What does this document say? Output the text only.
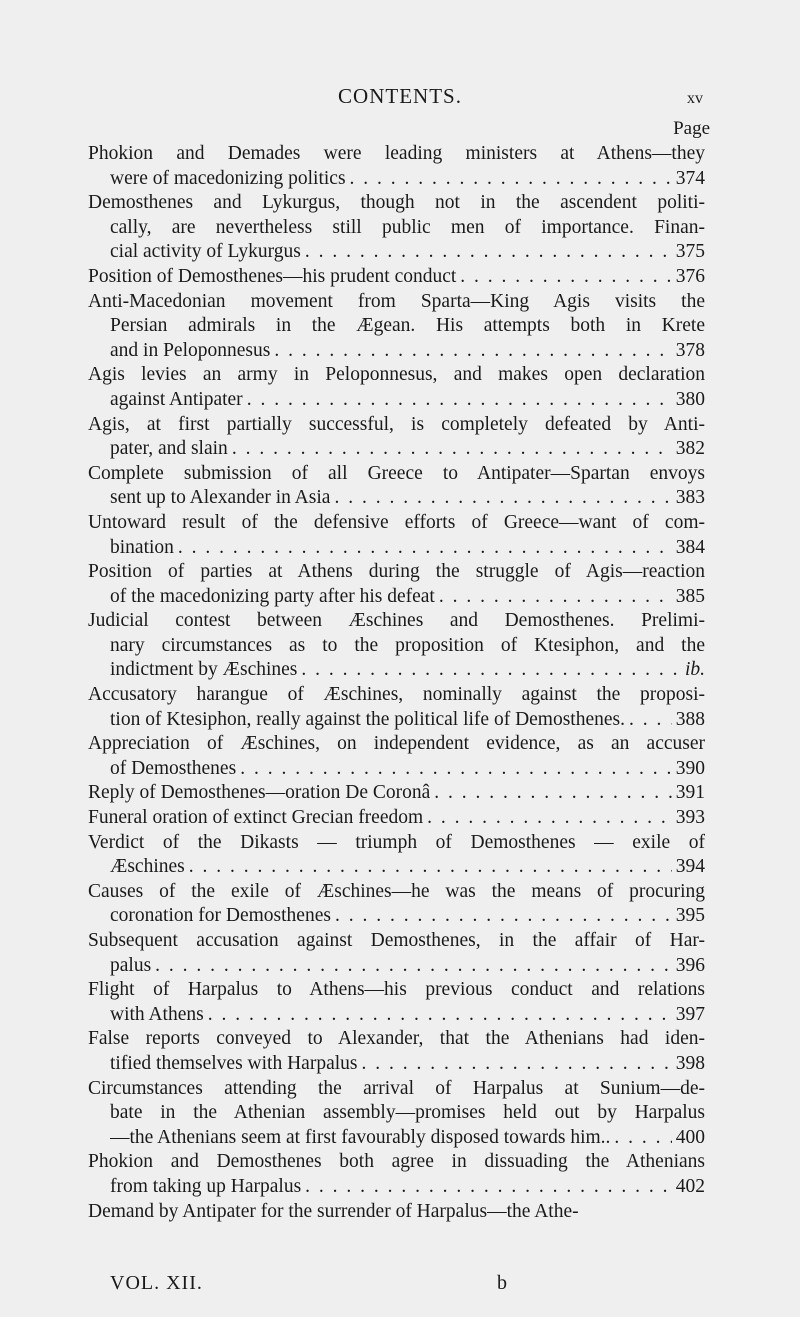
CONTENTS.	xv
Page
Phokion and Demades were leading ministers at Athens—they
were of macedonizing politics . . .	374
Demosthenes and Lykurgus, though not in the ascendent politi-
cally, are nevertheless still public men of importance. Finan-
cial activity of Lykurgus . . .	375
Position of Demosthenes—his prudent conduct . . .	376
Anti-Macedonian movement from Sparta—King Agis visits the
Persian admirals in the Ægean. His attempts both in Krete
and in Peloponnesus . . .	378
Agis levies an army in Peloponnesus, and makes open declaration
against Antipater . . .	380
Agis, at first partially successful, is completely defeated by Anti-
pater, and slain . . .	382
Complete submission of all Greece to Antipater—Spartan envoys
sent up to Alexander in Asia . . .	383
Untoward result of the defensive efforts of Greece—want of com-
bination . . .	384
Position of parties at Athens during the struggle of Agis—reaction
of the macedonizing party after his defeat . . .	385
Judicial contest between Æschines and Demosthenes. Prelimi-
nary circumstances as to the proposition of Ktesiphon, and the
indictment by Æschines . . .	ib.
Accusatory harangue of Æschines, nominally against the proposi-
tion of Ktesiphon, really against the political life of Demosthenes. . . .	388
Appreciation of Æschines, on independent evidence, as an accuser
of Demosthenes . . .	390
Reply of Demosthenes—oration De Coronâ . . .	391
Funeral oration of extinct Grecian freedom . . .	393
Verdict of the Dikasts — triumph of Demosthenes — exile of
Æschines . . .	394
Causes of the exile of Æschines—he was the means of procuring
coronation for Demosthenes . . .	395
Subsequent accusation against Demosthenes, in the affair of Har-
palus . . .	396
Flight of Harpalus to Athens—his previous conduct and relations
with Athens . . .	397
False reports conveyed to Alexander, that the Athenians had iden-
tified themselves with Harpalus . . .	398
Circumstances attending the arrival of Harpalus at Sunium—de-
bate in the Athenian assembly—promises held out by Harpalus
—the Athenians seem at first favourably disposed towards him.. . . .	400
Phokion and Demosthenes both agree in dissuading the Athenians
from taking up Harpalus . . .	402
Demand by Antipater for the surrender of Harpalus—the Athe-
VOL. XII.	b
